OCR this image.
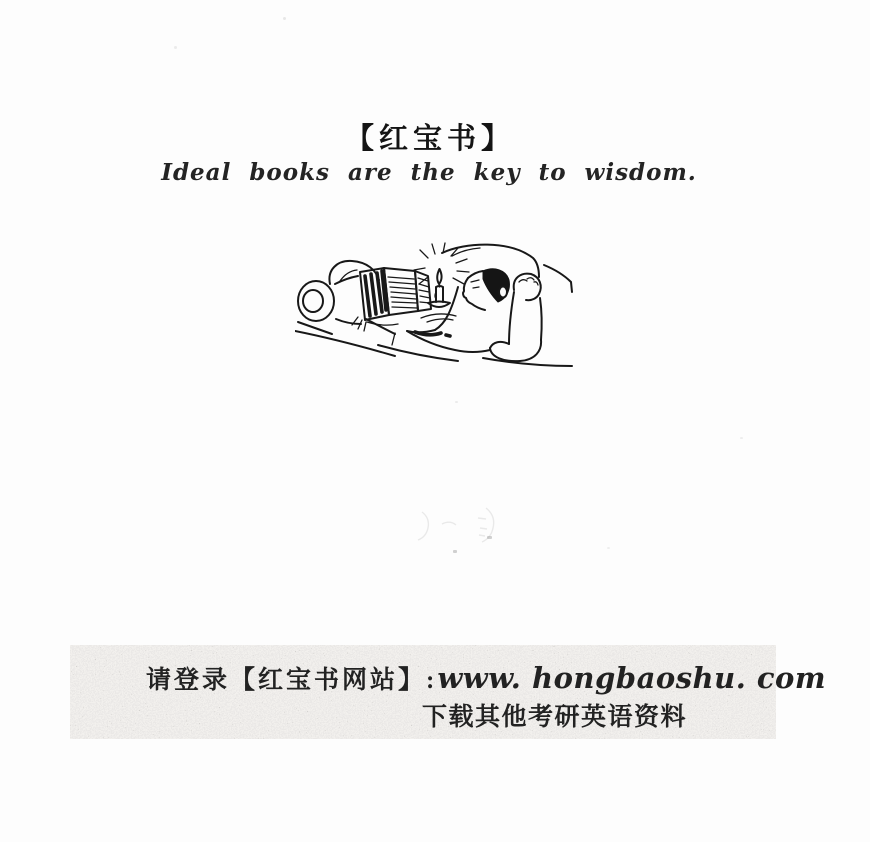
【红宝书】
Ideal books are the key to wisdom.
请登录【红宝书网站】:www. hongbaoshu. com
下载其他考研英语资料
